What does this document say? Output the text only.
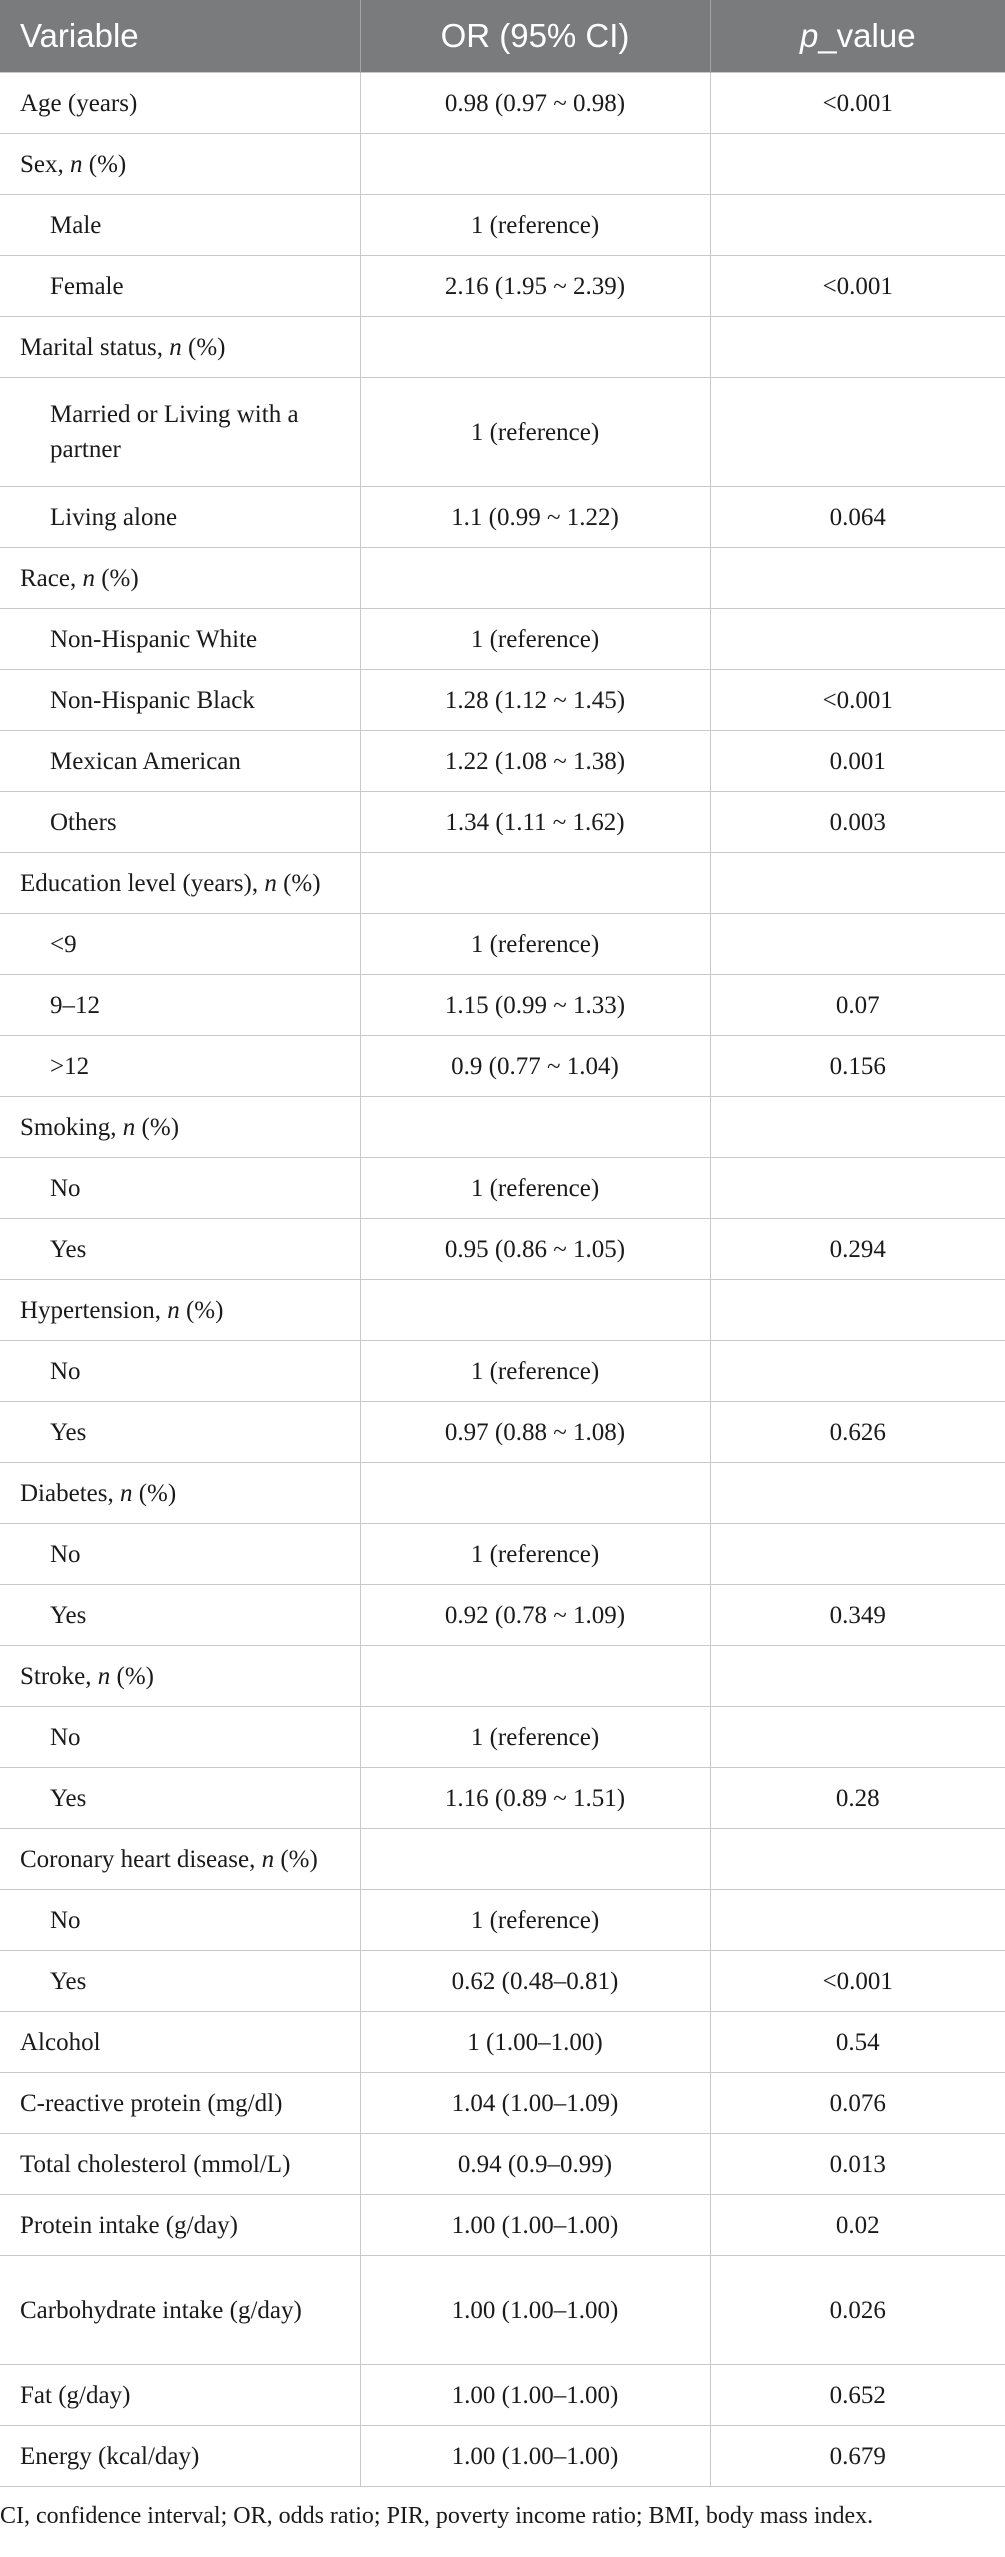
Variable	OR (95% CI)	p_value
Age (years)	0.98 (0.97 ~ 0.98)	<0.001
Sex, n (%)		
Male	1 (reference)	
Female	2.16 (1.95 ~ 2.39)	<0.001
Marital status, n (%)		
Married or Living with a partner	1 (reference)	
Living alone	1.1 (0.99 ~ 1.22)	0.064
Race, n (%)		
Non-Hispanic White	1 (reference)	
Non-Hispanic Black	1.28 (1.12 ~ 1.45)	<0.001
Mexican American	1.22 (1.08 ~ 1.38)	0.001
Others	1.34 (1.11 ~ 1.62)	0.003
Education level (years), n (%)		
<9	1 (reference)	
9–12	1.15 (0.99 ~ 1.33)	0.07
>12	0.9 (0.77 ~ 1.04)	0.156
Smoking, n (%)		
No	1 (reference)	
Yes	0.95 (0.86 ~ 1.05)	0.294
Hypertension, n (%)		
No	1 (reference)	
Yes	0.97 (0.88 ~ 1.08)	0.626
Diabetes, n (%)		
No	1 (reference)	
Yes	0.92 (0.78 ~ 1.09)	0.349
Stroke, n (%)		
No	1 (reference)	
Yes	1.16 (0.89 ~ 1.51)	0.28
Coronary heart disease, n (%)		
No	1 (reference)	
Yes	0.62 (0.48–0.81)	<0.001
Alcohol	1 (1.00–1.00)	0.54
C-reactive protein (mg/dl)	1.04 (1.00–1.09)	0.076
Total cholesterol (mmol/L)	0.94 (0.9–0.99)	0.013
Protein intake (g/day)	1.00 (1.00–1.00)	0.02
Carbohydrate intake (g/day)	1.00 (1.00–1.00)	0.026
Fat (g/day)	1.00 (1.00–1.00)	0.652
Energy (kcal/day)	1.00 (1.00–1.00)	0.679
CI, confidence interval; OR, odds ratio; PIR, poverty income ratio; BMI, body mass index.
